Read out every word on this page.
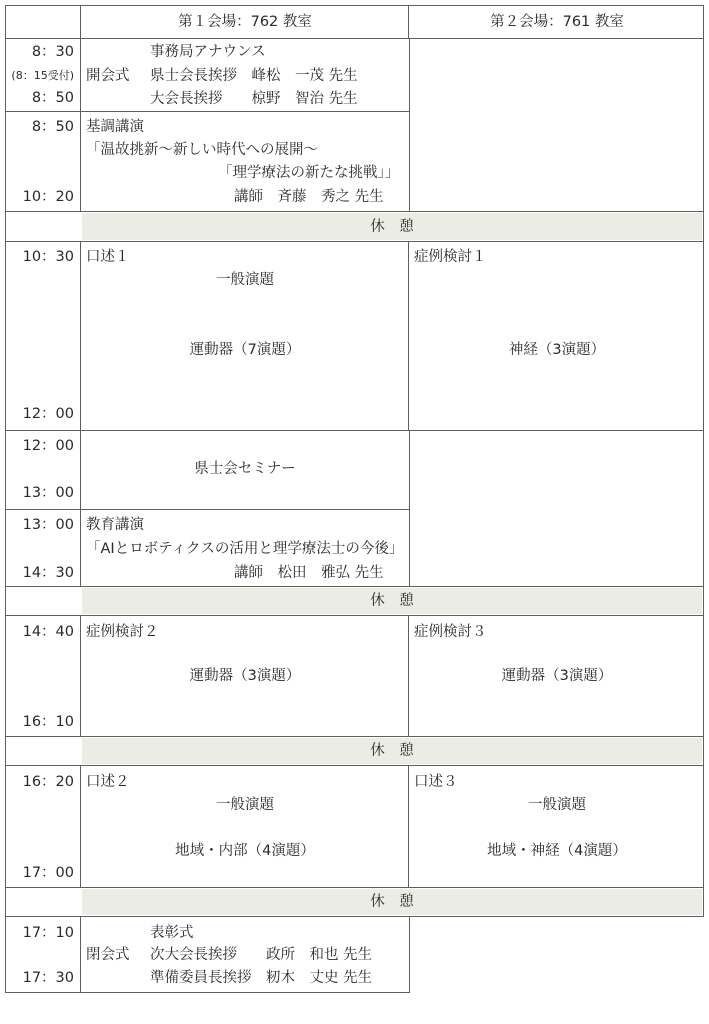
第１会場：762 教室	第２会場：761 教室
8：30
(8：15受付)
8：50
開会式
事務局アナウンス
県士会長挨拶　峰松　一茂 先生
大会長挨拶　　椋野　智治 先生
8：50
10：20
基調講演
「温故挑新～新しい時代への展開～
「理学療法の新たな挑戦」」
講師　斉藤　秀之 先生
休　憩
休　憩
休　憩
休　憩
10：30
12：00
口述１
一般演題
運動器（7演題）
症例検討１
神経（3演題）
12：00
13：00
県士会セミナー
13：00
14：30
教育講演
「AIとロボティクスの活用と理学療法士の今後」
講師　松田　雅弘 先生
14：40
16：10
症例検討２
運動器（3演題）
症例検討３
運動器（3演題）
16：20
17：00
口述２
一般演題
地域・内部（4演題）
口述３
一般演題
地域・神経（4演題）
17：10
17：30
閉会式
表彰式
次大会長挨拶　　政所　和也 先生
準備委員長挨拶　籾木　丈史 先生
